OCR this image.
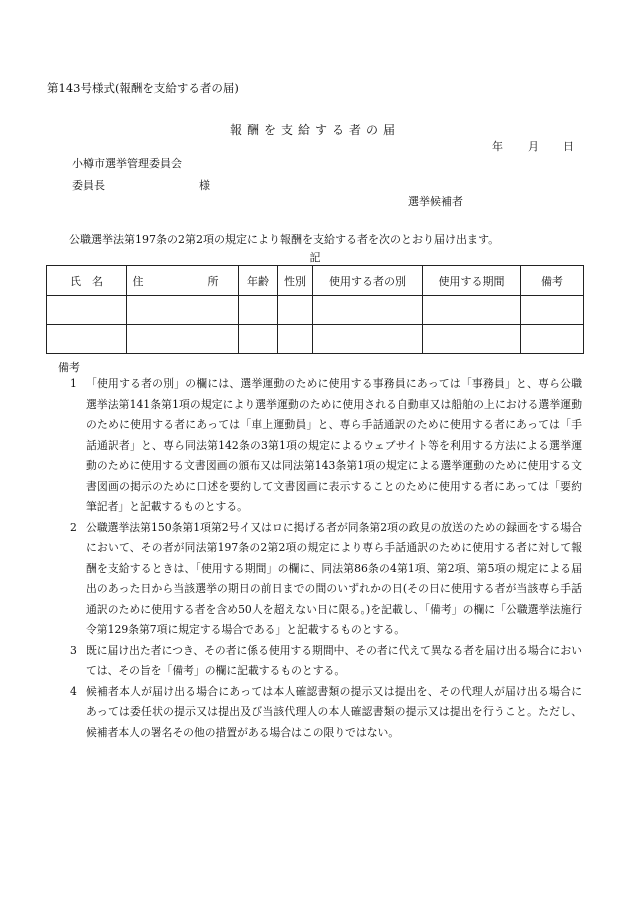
第143号様式(報酬を支給する者の届)
報酬を支給する者の届
年 月 日
小樽市選挙管理委員会
委員長	様
選挙候補者
公職選挙法第197条の2第2項の規定により報酬を支給する者を次のとおり届け出ます。
記
氏　名	住　　所	年齢	性別	使用する者の別	使用する期間	備考

備考
1 「使用する者の別」の欄には、選挙運動のために使用する事務員にあっては「事務員」と、専ら公職選挙法第141条第1項の規定により選挙運動のために使用される自動車又は船舶の上における選挙運動のために使用する者にあっては「車上運動員」と、専ら手話通訳のために使用する者にあっては「手話通訳者」と、専ら同法第142条の3第1項の規定によるウェブサイト等を利用する方法による選挙運動のために使用する文書図画の頒布又は同法第143条第1項の規定による選挙運動のために使用する文書図画の掲示のために口述を要約して文書図画に表示することのために使用する者にあっては「要約筆記者」と記載するものとする。
2 公職選挙法第150条第1項第2号イ又はロに掲げる者が同条第2項の政見の放送のための録画をする場合において、その者が同法第197条の2第2項の規定により専ら手話通訳のために使用する者に対して報酬を支給するときは、「使用する期間」の欄に、同法第86条の4第1項、第2項、第5項の規定による届出のあった日から当該選挙の期日の前日までの間のいずれかの日(その日に使用する者が当該専ら手話通訳のために使用する者を含め50人を超えない日に限る。)を記載し、「備考」の欄に「公職選挙法施行令第129条第7項に規定する場合である」と記載するものとする。
3 既に届け出た者につき、その者に係る使用する期間中、その者に代えて異なる者を届け出る場合においては、その旨を「備考」の欄に記載するものとする。
4 候補者本人が届け出る場合にあっては本人確認書類の提示又は提出を、その代理人が届け出る場合にあっては委任状の提示又は提出及び当該代理人の本人確認書類の提示又は提出を行うこと。ただし、候補者本人の署名その他の措置がある場合はこの限りではない。
